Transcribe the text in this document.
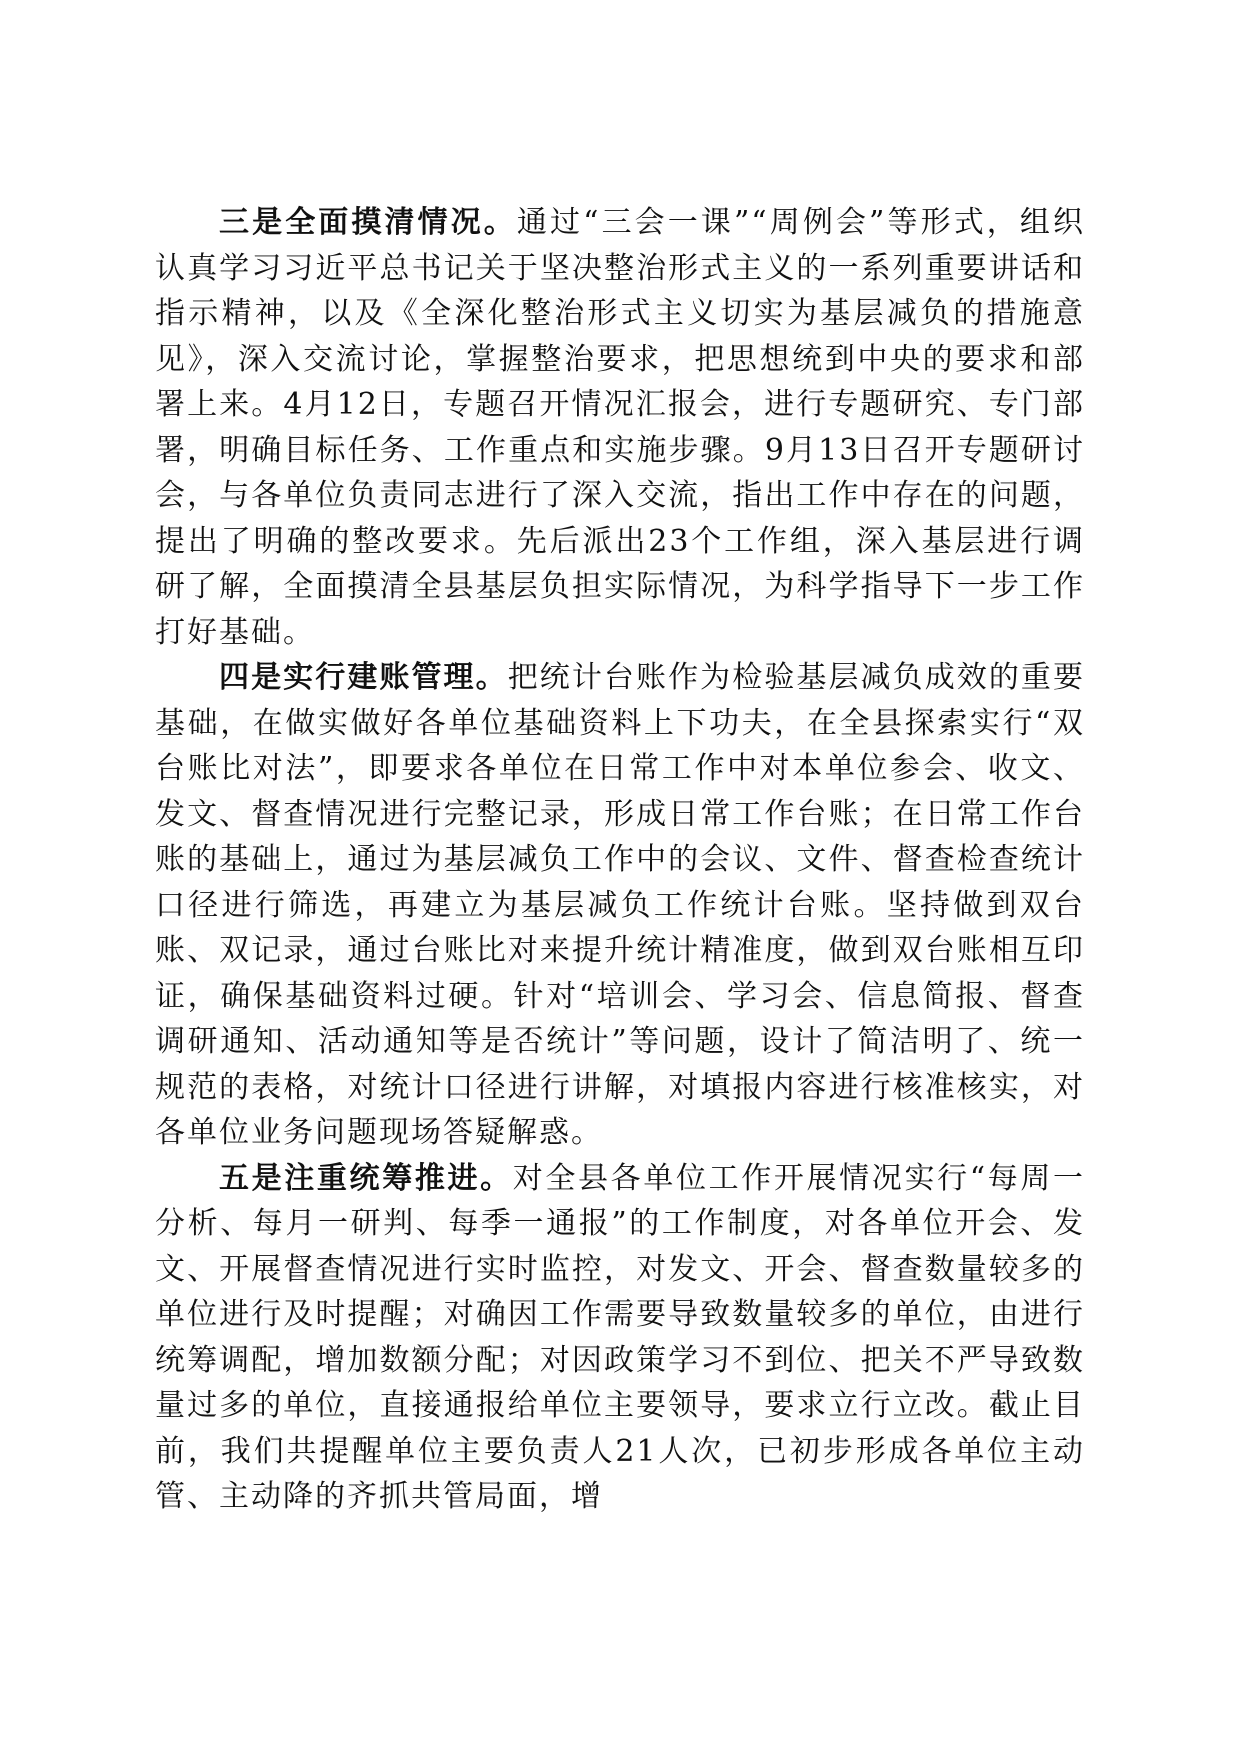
三是全面摸清情况。通过“三会一课”“周例会”等形式，组织认真学习习近平总书记关于坚决整治形式主义的一系列重要讲话和指示精神，以及《全深化整治形式主义切实为基层减负的措施意见》，深入交流讨论，掌握整治要求，把思想统到中央的要求和部署上来。4月12日，专题召开情况汇报会，进行专题研究、专门部署，明确目标任务、工作重点和实施步骤。9月13日召开专题研讨会，与各单位负责同志进行了深入交流，指出工作中存在的问题，提出了明确的整改要求。先后派出23个工作组，深入基层进行调研了解，全面摸清全县基层负担实际情况，为科学指导下一步工作打好基础。

四是实行建账管理。把统计台账作为检验基层减负成效的重要基础，在做实做好各单位基础资料上下功夫，在全县探索实行“双台账比对法”，即要求各单位在日常工作中对本单位参会、收文、发文、督查情况进行完整记录，形成日常工作台账；在日常工作台账的基础上，通过为基层减负工作中的会议、文件、督查检查统计口径进行筛选，再建立为基层减负工作统计台账。坚持做到双台账、双记录，通过台账比对来提升统计精准度，做到双台账相互印证，确保基础资料过硬。针对“培训会、学习会、信息简报、督查调研通知、活动通知等是否统计”等问题，设计了简洁明了、统一规范的表格，对统计口径进行讲解，对填报内容进行核准核实，对各单位业务问题现场答疑解惑。

五是注重统筹推进。对全县各单位工作开展情况实行“每周一分析、每月一研判、每季一通报”的工作制度，对各单位开会、发文、开展督查情况进行实时监控，对发文、开会、督查数量较多的单位进行及时提醒；对确因工作需要导致数量较多的单位，由进行统筹调配，增加数额分配；对因政策学习不到位、把关不严导致数量过多的单位，直接通报给单位主要领导，要求立行立改。截止目前，我们共提醒单位主要负责人21人次，已初步形成各单位主动管、主动降的齐抓共管局面，增
